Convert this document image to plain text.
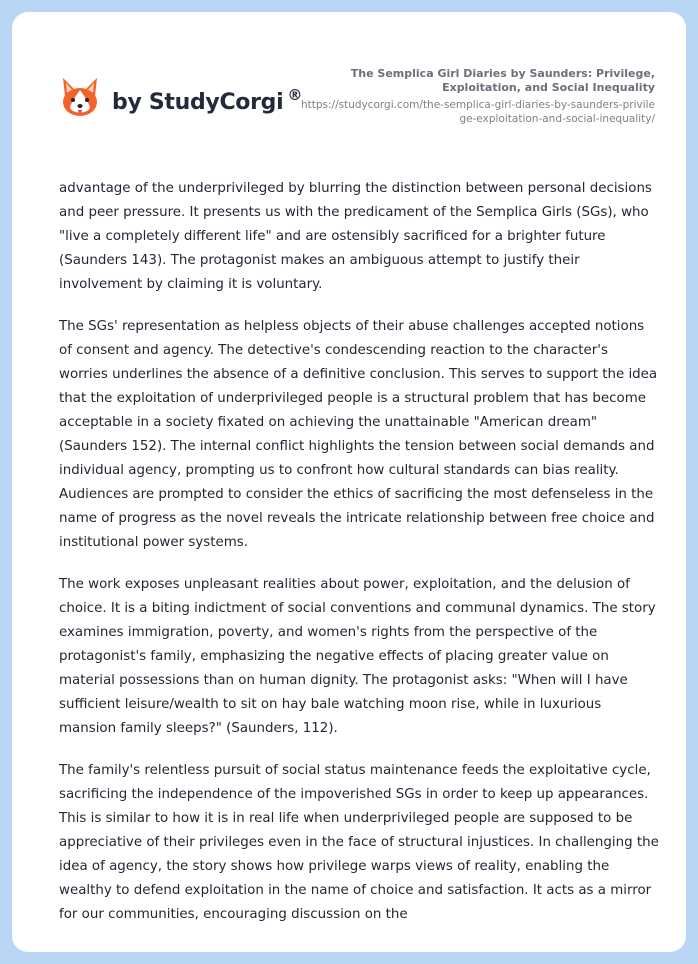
by StudyCorgi ®
The Semplica Girl Diaries by Saunders: Privilege, Exploitation, and Social Inequality
https://studycorgi.com/the-semplica-girl-diaries-by-saunders-privilege-exploitation-and-social-inequality/

advantage of the underprivileged by blurring the distinction between personal decisions and peer pressure. It presents us with the predicament of the Semplica Girls (SGs), who "live a completely different life" and are ostensibly sacrificed for a brighter future (Saunders 143). The protagonist makes an ambiguous attempt to justify their involvement by claiming it is voluntary.

The SGs' representation as helpless objects of their abuse challenges accepted notions of consent and agency. The detective's condescending reaction to the character's worries underlines the absence of a definitive conclusion. This serves to support the idea that the exploitation of underprivileged people is a structural problem that has become acceptable in a society fixated on achieving the unattainable "American dream" (Saunders 152). The internal conflict highlights the tension between social demands and individual agency, prompting us to confront how cultural standards can bias reality. Audiences are prompted to consider the ethics of sacrificing the most defenseless in the name of progress as the novel reveals the intricate relationship between free choice and institutional power systems.

The work exposes unpleasant realities about power, exploitation, and the delusion of choice. It is a biting indictment of social conventions and communal dynamics. The story examines immigration, poverty, and women's rights from the perspective of the protagonist's family, emphasizing the negative effects of placing greater value on material possessions than on human dignity. The protagonist asks: "When will I have sufficient leisure/wealth to sit on hay bale watching moon rise, while in luxurious mansion family sleeps?" (Saunders, 112).

The family's relentless pursuit of social status maintenance feeds the exploitative cycle, sacrificing the independence of the impoverished SGs in order to keep up appearances. This is similar to how it is in real life when underprivileged people are supposed to be appreciative of their privileges even in the face of structural injustices. In challenging the idea of agency, the story shows how privilege warps views of reality, enabling the wealthy to defend exploitation in the name of choice and satisfaction. It acts as a mirror for our communities, encouraging discussion on the
